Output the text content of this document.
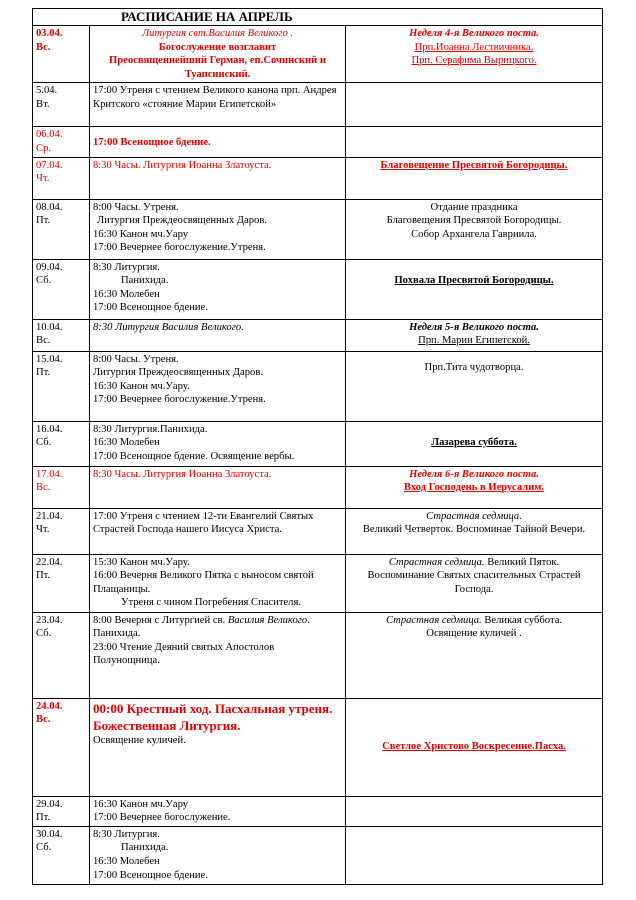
РАСПИСАНИЕ НА АПРЕЛЬ		

03.04.
Вс.	Литургия свт.Василия Великого .
Богослужение возглавит
Преосвященнейший Герман, еп.Сочинский и Туапсинский.	Неделя 4-я Великого поста.
Прп.Иоанна Лествичника.
Прп. Серафима Вырицкого.

5.04.
Вт.	17:00 Утреня с чтением Великого канона прп. Андрея Критского «стояние Марии Египетской»	

06.04.
Ср.	17:00 Всенощное бдение.	

07.04.
Чт.	8:30 Часы. Литургия Иоанна Златоуста.	Благовещение Пресвятой Богородицы.

08.04.
Пт.	8:00 Часы. Утреня.
Литургия Преждеосвященных Даров.
16:30 Канон мч.Уару
17:00 Вечернее богослужение.Утреня.	Отдание праздника
Благовещения Пресвятой Богородицы.
Собор Архангела Гавриила.

09.04.
Сб.	8:30 Литургия.
Панихида.
16:30 Молебен
17:00 Всенощное бдение.	Похвала Пресвятой Богородицы.

10.04.
Вс.	8:30 Литургия Василия Великого.	Неделя 5-я Великого поста.
Прп. Марии Египетской.

15.04.
Пт.	8:00 Часы. Утреня.
Литургия Преждеосвященных Даров.
16:30 Канон мч.Уару.
17:00 Вечернее богослужение.Утреня.	Прп.Тита чудотворца.

16.04.
Сб.	8:30 Литургия.Панихида.
16:30 Молебен
17:00 Всенощное бдение. Освящение вербы.	Лазарева суббота.

17.04.
Вс.	8:30 Часы. Литургия Иоанна Златоуста.	Неделя 6-я Великого поста.
Вход Господень в Иерусалим.

21.04.
Чт.	17:00 Утреня с чтением 12-ти Евангелий Святых Страстей Господа нашего Иисуса Христа.	Страстная седмица.
Великий Четверток. Воспоминае Тайной Вечери.

22.04.
Пт.	15:30 Канон мч.Уару.
16:00 Вечерня Великого Пятка с выносом святой Плащаницы.
Утреня с чином Погребения Спасителя.	Страстная седмица. Великий Пяток.
Воспоминание Святых спасительных Страстей Господа.

23.04.
Сб.	8:00 Вечерня с Литургией св. Василия Великого. Панихида.
23:00 Чтение Деяний святых Апостолов Полунощница.	Страстная седмица. Великая суббота.
Освящение куличей .

24.04.
Вс.	00:00 Крестный ход. Пасхальная утреня. Божественная Литургия.
Освящение куличей.	Светлое Христово Воскресение.Пасха.

29.04.
Пт.	16:30 Канон мч.Уару
17:00 Вечернее богослужение.	

30.04.
Сб.	8:30 Литургия.
Панихида.
16:30 Молебен
17:00 Всенощное бдение.	
